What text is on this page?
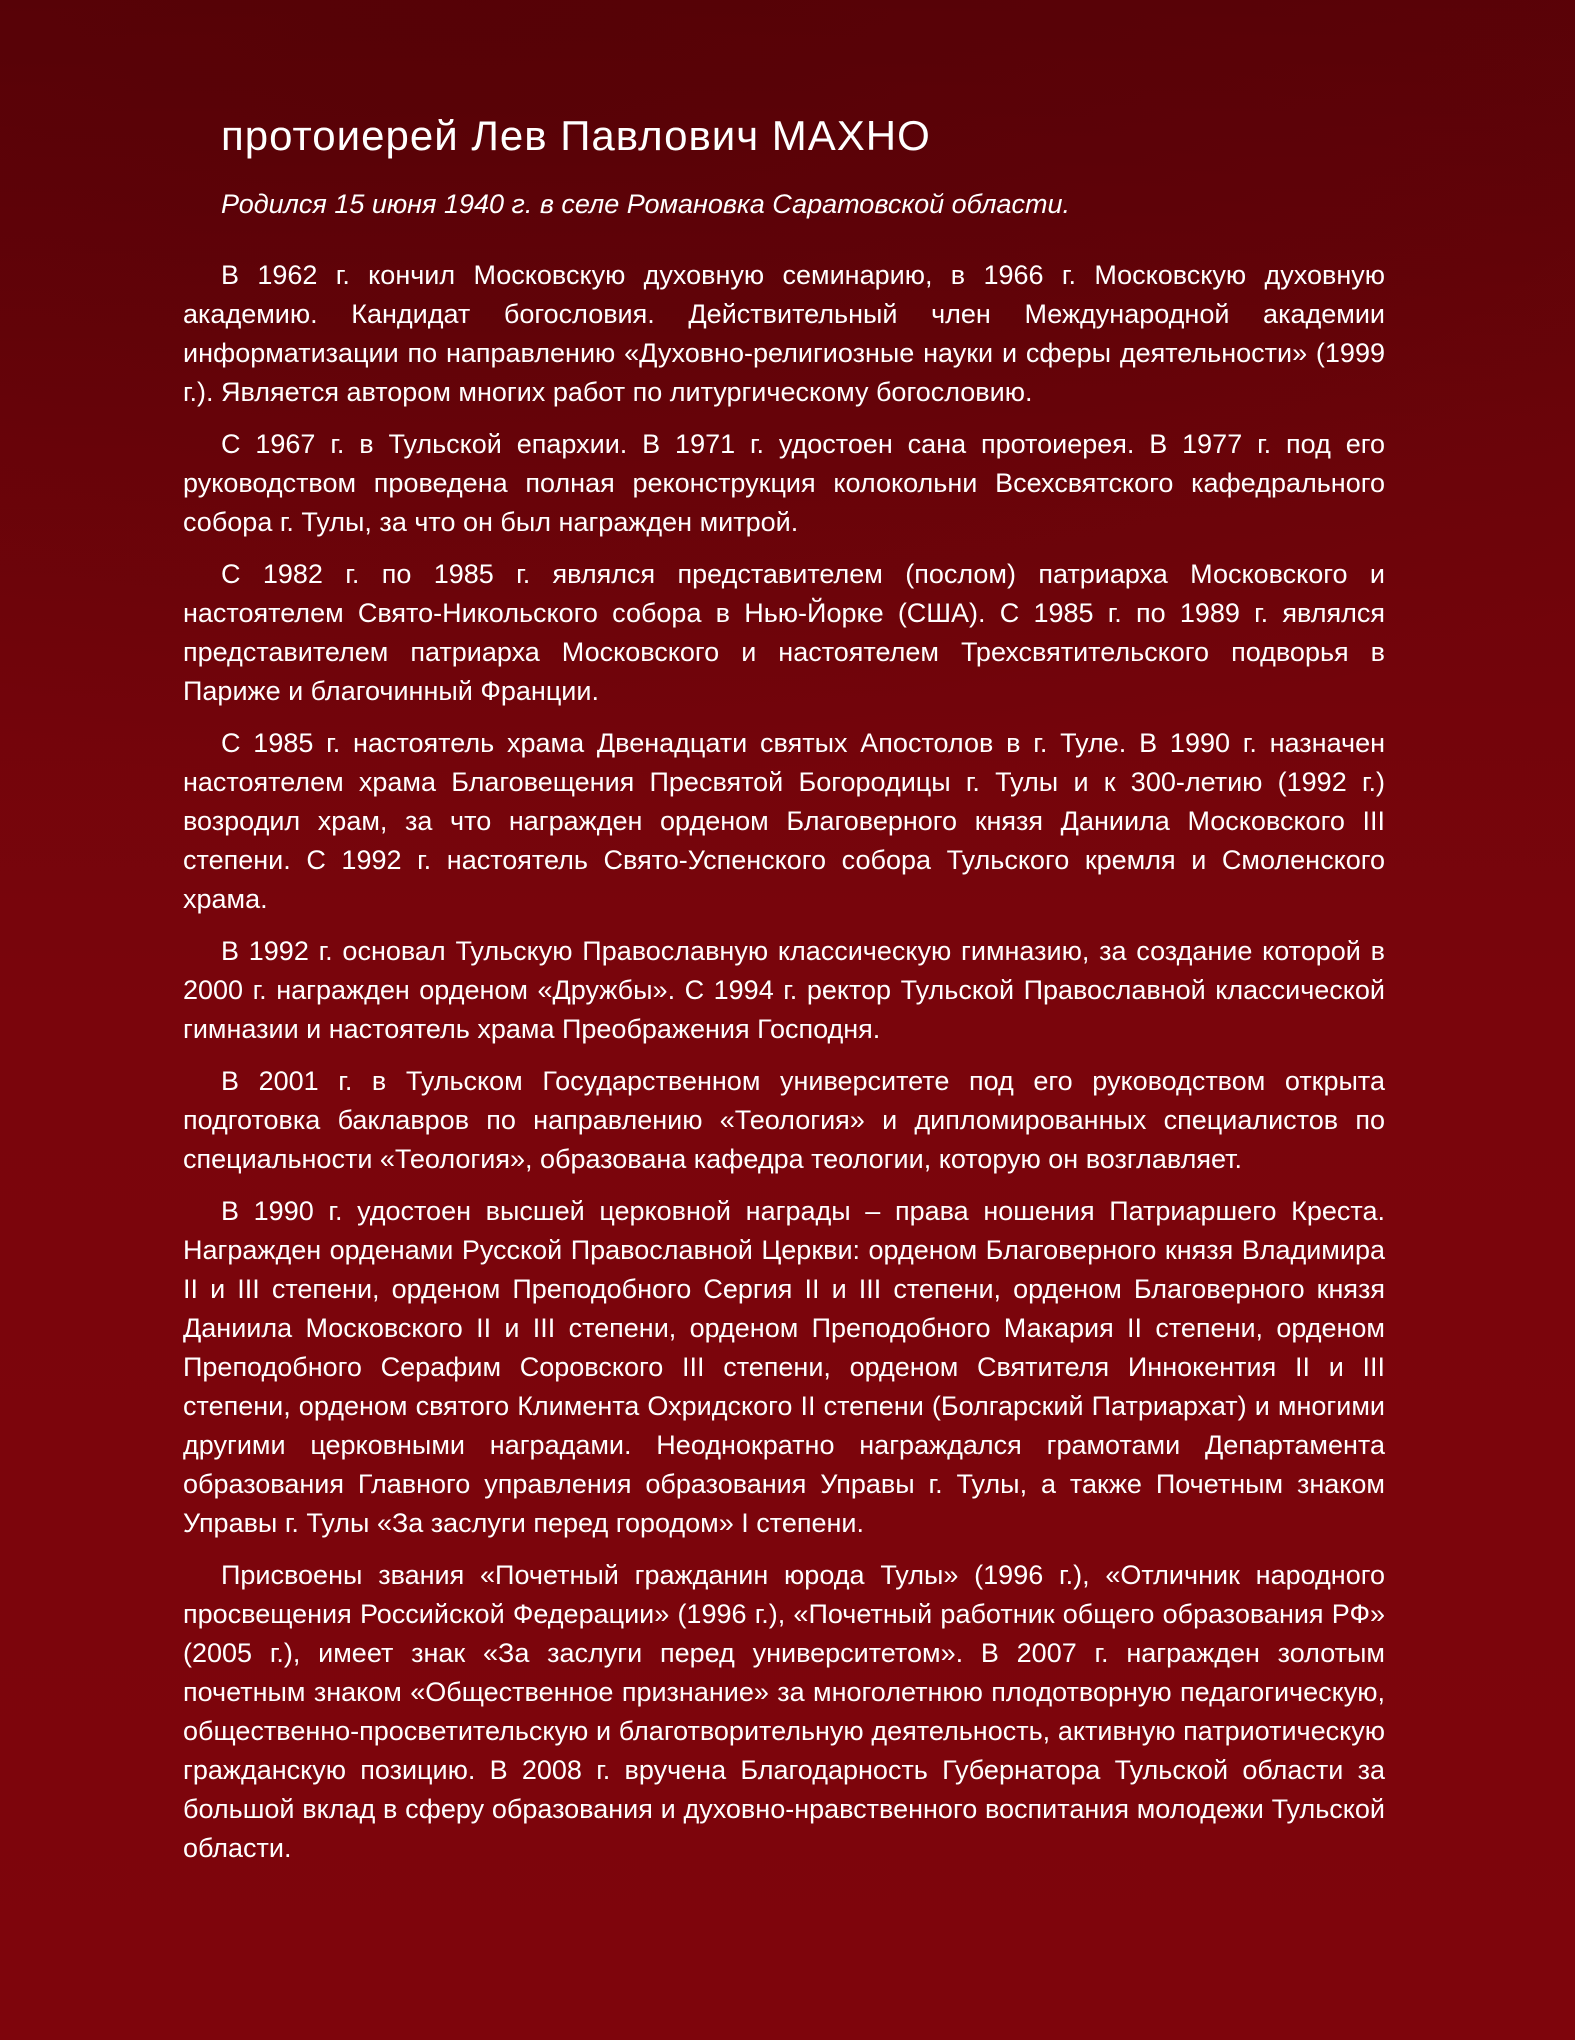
протоиерей Лев Павлович МАХНО
Родился 15 июня 1940 г. в селе Романовка Саратовской области.

В 1962 г. кончил Московскую духовную семинарию, в 1966 г. Московскую духовную академию. Кандидат богословия. Действительный член Международной академии информатизации по направлению «Духовно-религиозные науки и сферы деятельности» (1999 г.). Является автором многих работ по литургическому богословию.

С 1967 г. в Тульской епархии. В 1971 г. удостоен сана протоиерея. В 1977 г. под его руководством проведена полная реконструкция колокольни Всехсвятского кафедрального собора г. Тулы, за что он был награжден митрой.

С 1982 г. по 1985 г. являлся представителем (послом) патриарха Московского и настоятелем Свято-Никольского собора в Нью-Йорке (США). С 1985 г. по 1989 г. являлся представителем патриарха Московского и настоятелем Трехсвятительского подворья в Париже и благочинный Франции.

С 1985 г. настоятель храма Двенадцати святых Апостолов в г. Туле. В 1990 г. назначен настоятелем храма Благовещения Пресвятой Богородицы г. Тулы и к 300-летию (1992 г.) возродил храм, за что награжден орденом Благоверного князя Даниила Московского III степени. С 1992 г. настоятель Свято-Успенского собора Тульского кремля и Смоленского храма.

В 1992 г. основал Тульскую Православную классическую гимназию, за создание которой в 2000 г. награжден орденом «Дружбы». С 1994 г. ректор Тульской Православной классической гимназии и настоятель храма Преображения Господня.

В 2001 г. в Тульском Государственном университете под его руководством открыта подготовка баклавров по направлению «Теология» и дипломированных специалистов по специальности «Теология», образована кафедра теологии, которую он возглавляет.

В 1990 г. удостоен высшей церковной награды – права ношения Патриаршего Креста. Награжден орденами Русской Православной Церкви: орденом Благоверного князя Владимира II и III степени, орденом Преподобного Сергия II и III степени, орденом Благоверного князя Даниила Московского II и III степени, орденом Преподобного Макария II степени, орденом Преподобного Серафим Соровского III степени, орденом Святителя Иннокентия II и III степени, орденом святого Климента Охридского II степени (Болгарский Патриархат) и многими другими церковными наградами. Неоднократно награждался грамотами Департамента образования Главного управления образования Управы г. Тулы, а также Почетным знаком Управы г. Тулы «За заслуги перед городом» I степени.

Присвоены звания «Почетный гражданин юрода Тулы» (1996 г.), «Отличник народного просвещения Российской Федерации» (1996 г.), «Почетный работник общего образования РФ» (2005 г.), имеет знак «За заслуги перед университетом». В 2007 г. награжден золотым почетным знаком «Общественное признание» за многолетнюю плодотворную педагогическую, общественно-просветительскую и благотворительную деятельность, активную патриотическую гражданскую позицию. В 2008 г. вручена Благодарность Губернатора Тульской области за большой вклад в сферу образования и духовно-нравственного воспитания молодежи Тульской области.
